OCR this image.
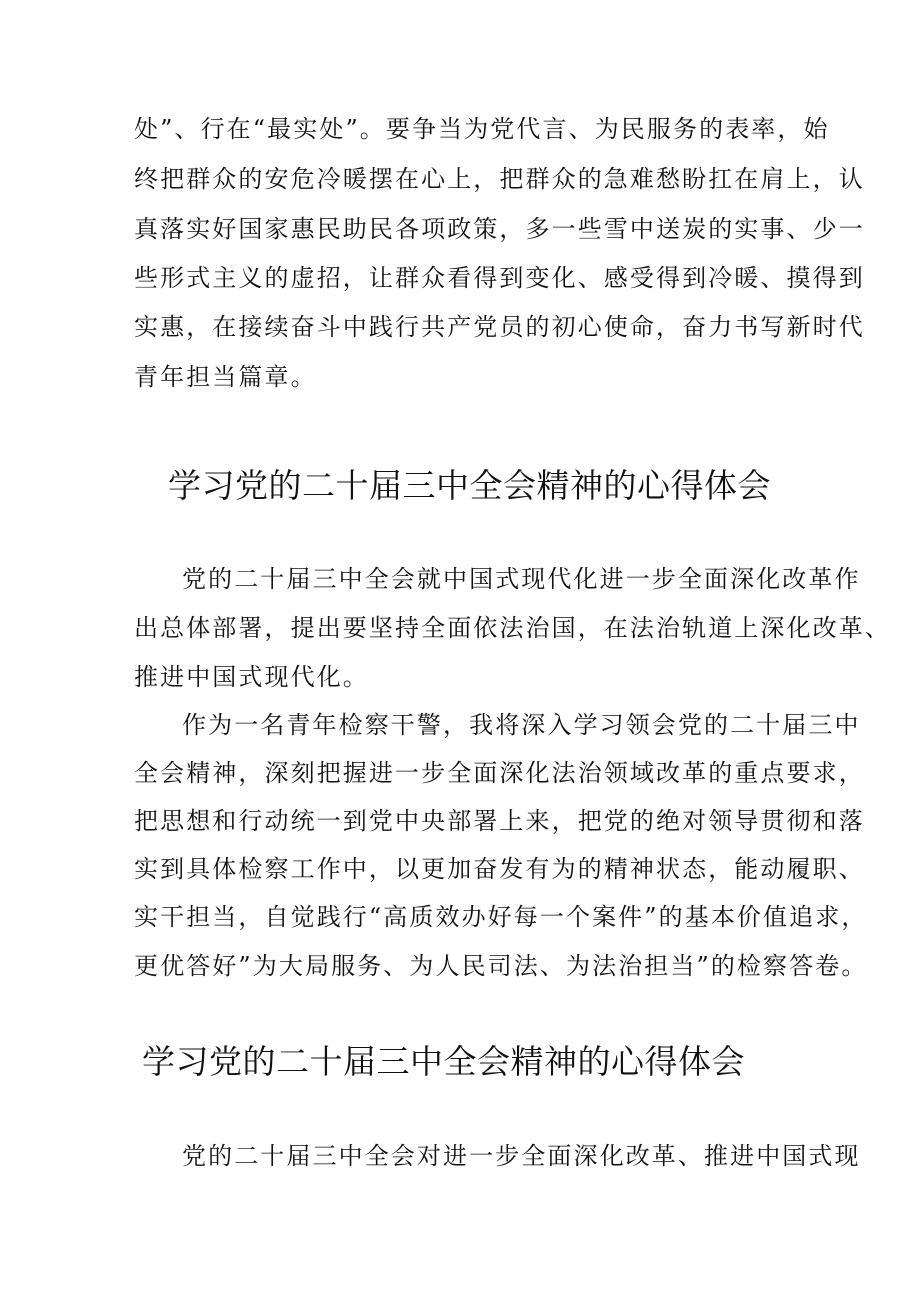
处”、行在“最实处”。要争当为党代言、为民服务的表率，始
终把群众的安危冷暖摆在心上，把群众的急难愁盼扛在肩上，认
真落实好国家惠民助民各项政策，多一些雪中送炭的实事、少一
些形式主义的虚招，让群众看得到变化、感受得到冷暖、摸得到
实惠，在接续奋斗中践行共产党员的初心使命，奋力书写新时代
青年担当篇章。
学习党的二十届三中全会精神的心得体会
党的二十届三中全会就中国式现代化进一步全面深化改革作
出总体部署，提出要坚持全面依法治国，在法治轨道上深化改革、
推进中国式现代化。
作为一名青年检察干警，我将深入学习领会党的二十届三中
全会精神，深刻把握进一步全面深化法治领域改革的重点要求，
把思想和行动统一到党中央部署上来，把党的绝对领导贯彻和落
实到具体检察工作中，以更加奋发有为的精神状态，能动履职、
实干担当，自觉践行“高质效办好每一个案件”的基本价值追求，
更优答好”为大局服务、为人民司法、为法治担当”的检察答卷。
学习党的二十届三中全会精神的心得体会
党的二十届三中全会对进一步全面深化改革、推进中国式现
